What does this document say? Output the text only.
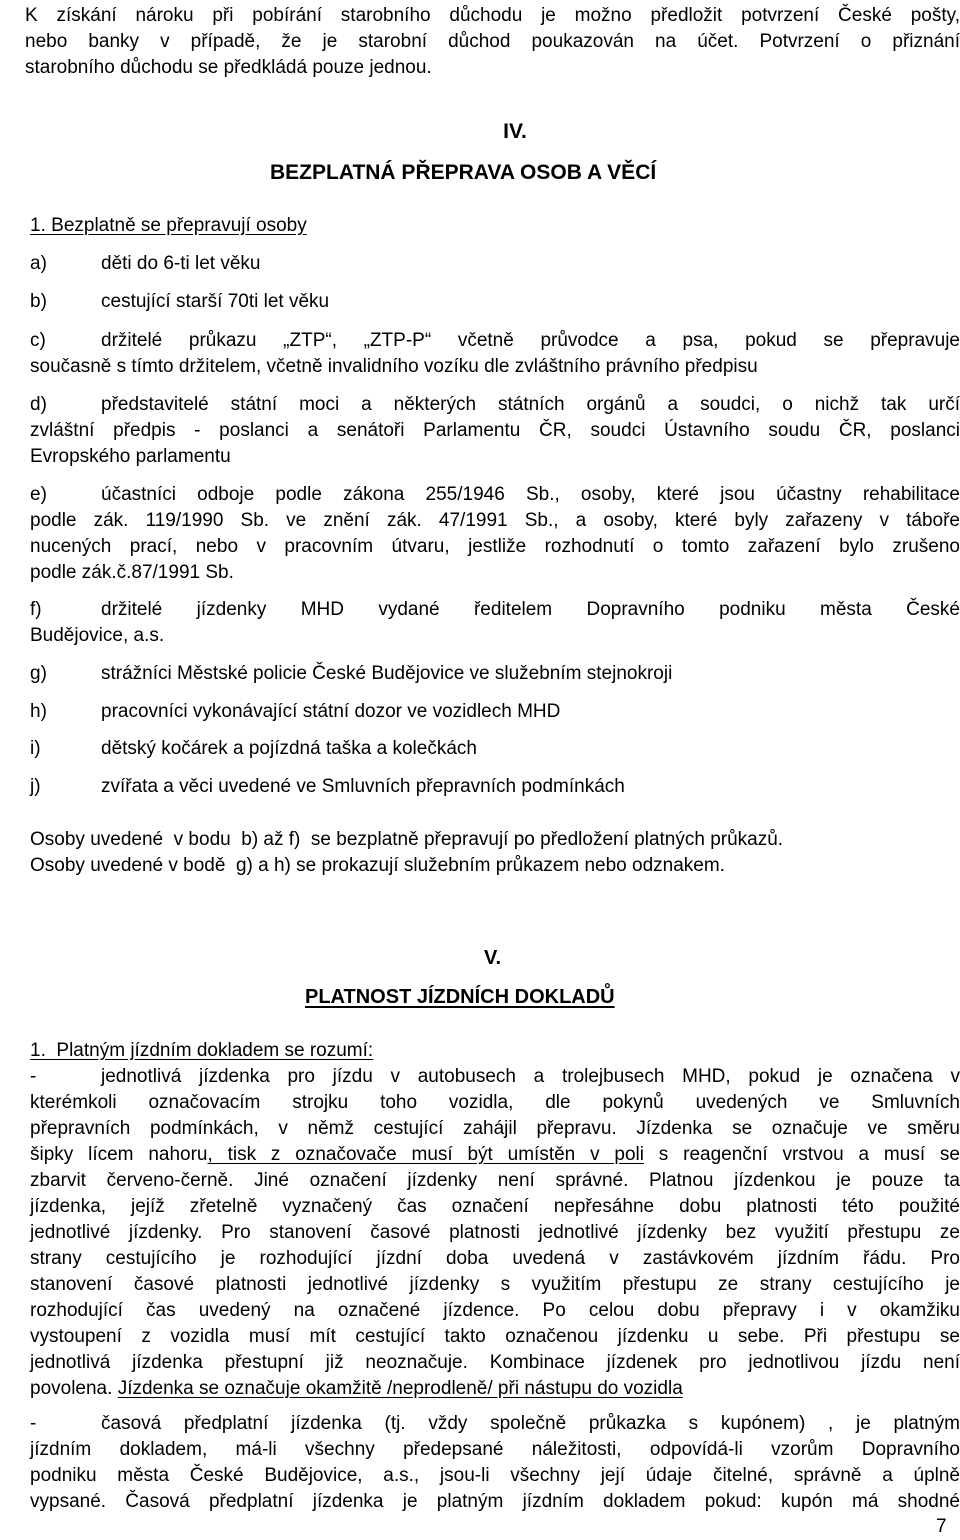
K získání nároku při pobírání starobního důchodu je možno předložit potvrzení České pošty,
nebo banky v případě, že je starobní důchod poukazován na účet. Potvrzení o přiznání
starobního důchodu se předkládá pouze jednou.
IV.
BEZPLATNÁ PŘEPRAVA OSOB A VĚCÍ
1. Bezplatně se přepravují osoby
a)	děti do 6-ti let věku
b)	cestující starší 70ti let věku
c)	držitelé průkazu „ZTP“, „ZTP-P“ včetně průvodce a psa, pokud se přepravuje
současně s tímto držitelem, včetně invalidního vozíku dle zvláštního právního předpisu
d)	představitelé státní moci a některých státních orgánů a soudci, o nichž tak určí
zvláštní předpis - poslanci a senátoři Parlamentu ČR, soudci Ústavního soudu ČR, poslanci
Evropského parlamentu
e)	účastníci odboje podle zákona 255/1946 Sb., osoby, které jsou účastny rehabilitace
podle zák. 119/1990 Sb. ve znění zák. 47/1991 Sb., a osoby, které byly zařazeny v táboře
nucených prací, nebo v pracovním útvaru, jestliže rozhodnutí o tomto zařazení bylo zrušeno
podle zák.č.87/1991 Sb.
f)	držitelé jízdenky MHD vydané ředitelem Dopravního podniku města České
Budějovice, a.s.
g)	strážníci Městské policie České Budějovice ve služebním stejnokroji
h)	pracovníci vykonávající státní dozor ve vozidlech MHD
i)	dětský kočárek a pojízdná taška a kolečkách
j)	zvířata a věci uvedené ve Smluvních přepravních podmínkách
Osoby uvedené  v bodu  b) až f)  se bezplatně přepravují po předložení platných průkazů.
Osoby uvedené v bodě  g) a h) se prokazují služebním průkazem nebo odznakem.
V.
PLATNOST JÍZDNÍCH DOKLADŮ
1.  Platným jízdním dokladem se rozumí:
-	jednotlivá jízdenka pro jízdu v autobusech a trolejbusech MHD, pokud je označena v
kterémkoli označovacím strojku toho vozidla, dle pokynů uvedených ve Smluvních
přepravních podmínkách, v němž cestující zahájil přepravu. Jízdenka se označuje ve směru
šipky lícem nahoru, tisk z označovače musí být umístěn v poli s reagenční vrstvou a musí se
zbarvit červeno-černě. Jiné označení jízdenky není správné. Platnou jízdenkou je pouze ta
jízdenka, jejíž zřetelně vyznačený čas označení nepřesáhne dobu platnosti této použité
jednotlivé jízdenky. Pro stanovení časové platnosti jednotlivé jízdenky bez využití přestupu ze
strany cestujícího je rozhodující jízdní doba uvedená v zastávkovém jízdním řádu. Pro
stanovení časové platnosti jednotlivé jízdenky s využitím přestupu ze strany cestujícího je
rozhodující čas uvedený na označené jízdence. Po celou dobu přepravy i v okamžiku
vystoupení z vozidla musí mít cestující takto označenou jízdenku u sebe. Při přestupu se
jednotlivá jízdenka přestupní již neoznačuje. Kombinace jízdenek pro jednotlivou jízdu není
povolena. Jízdenka se označuje okamžitě /neprodleně/ při nástupu do vozidla
-	časová předplatní jízdenka (tj. vždy společně průkazka s kupónem) , je platným
jízdním dokladem, má-li všechny předepsané náležitosti, odpovídá-li vzorům Dopravního
podniku města České Budějovice, a.s., jsou-li všechny její údaje čitelné, správně a úplně
vypsané. Časová předplatní jízdenka je platným jízdním dokladem pokud: kupón má shodné
7
